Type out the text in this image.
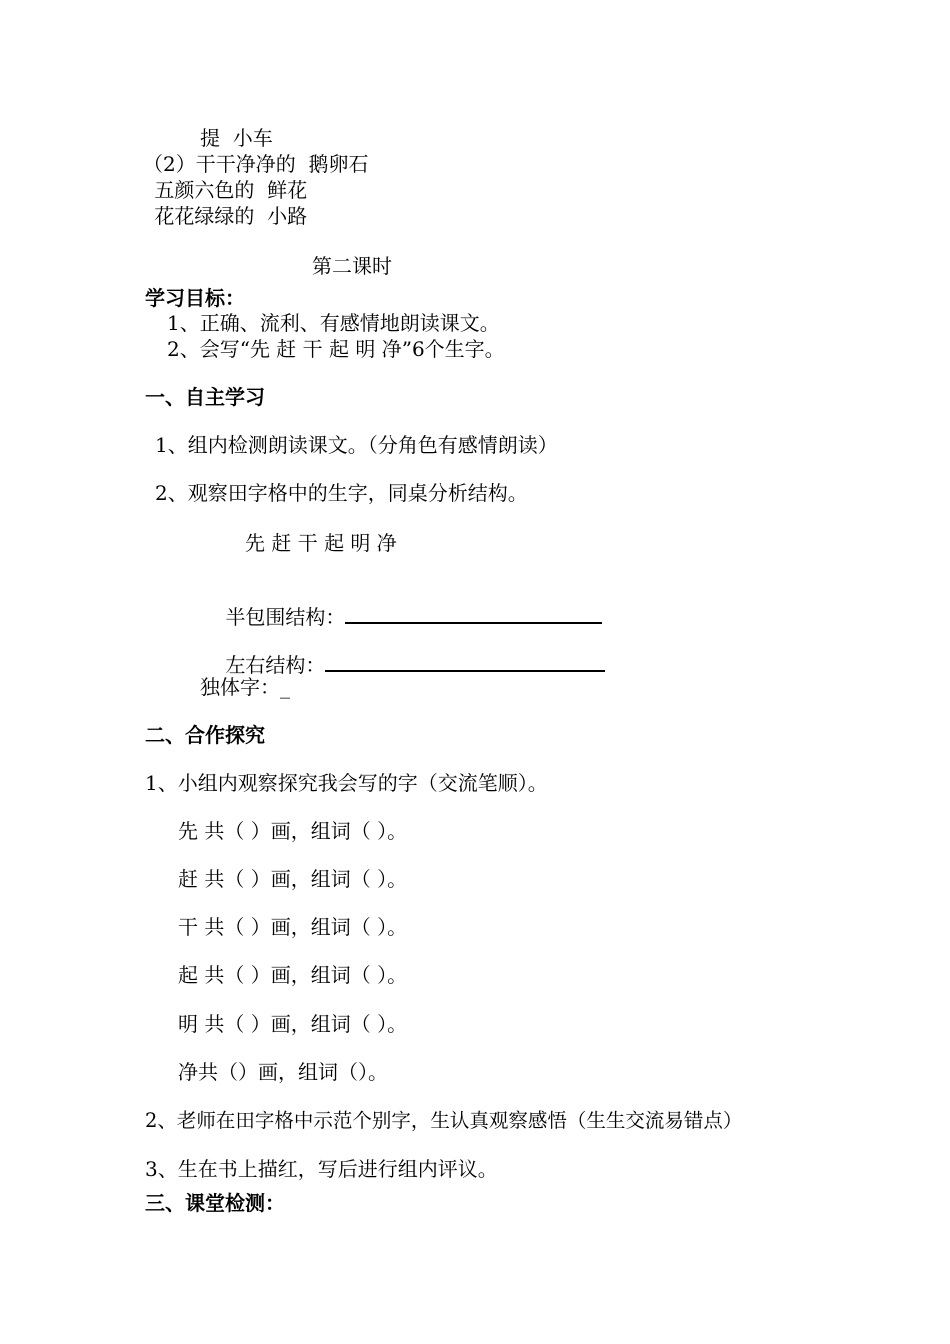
提  小车
（2）干干净净的  鹅卵石
五颜六色的  鲜花
花花绿绿的  小路
第二课时
学习目标：
1、正确、流利、有感情地朗读课文。
2、会写“先 赶 干 起 明 净”6个生字。
一、自主学习
1、组内检测朗读课文。（分角色有感情朗读）
2、观察田字格中的生字，同桌分析结构。
先 赶 干 起 明 净

半包围结构：

左右结构：

独体字：_
二、合作探究
1、小组内观察探究我会写的字（交流笔顺）。
先 共（ ）画，组词（ ）。
赶 共（ ）画，组词（ ）。
干 共（ ）画，组词（ ）。
起 共（ ）画，组词（ ）。
明 共（ ）画，组词（ ）。
净共（）画，组词（）。
2、老师在田字格中示范个别字，生认真观察感悟（生生交流易错点）
3、生在书上描红，写后进行组内评议。
三、课堂检测：
